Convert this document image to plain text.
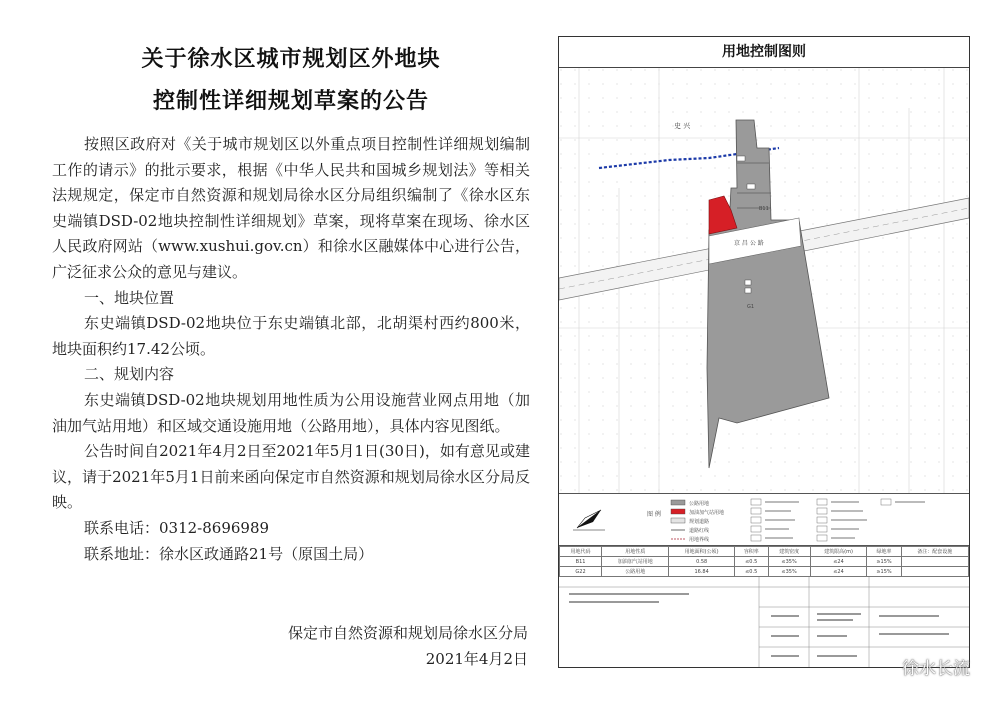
关于徐水区城市规划区外地块
控制性详细规划草案的公告

按照区政府对《关于城市规划区以外重点项目控制性详细规划编制工作的请示》的批示要求，根据《中华人民共和国城乡规划法》等相关法规规定，保定市自然资源和规划局徐水区分局组织编制了《徐水区东史端镇DSD-02地块控制性详细规划》草案，现将草案在现场、徐水区人民政府网站（www.xushui.gov.cn）和徐水区融媒体中心进行公告，广泛征求公众的意见与建议。

一、地块位置

东史端镇DSD-02地块位于东史端镇北部，北胡渠村西约800米，地块面积约17.42公顷。

二、规划内容

东史端镇DSD-02地块规划用地性质为公用设施营业网点用地（加油加气站用地）和区域交通设施用地（公路用地），具体内容见图纸。

公告时间自2021年4月2日至2021年5月1日(30日)，如有意见或建议，请于2021年5月1日前来函向保定市自然资源和规划局徐水区分局反映。

联系电话：0312-8696989

联系地址：徐水区政通路21号（原国土局）

保定市自然资源和规划局徐水区分局
2021年4月2日
用地控制图则
史 兴
京 昌 公 路
G1
B11
图 例
公路用地
加油加气站用地
规划道路
道路红线
用地界线
用地代码	用地性质	用地面积(公顷)	容积率	建筑密度	建筑限高(m)	绿地率	备注：配套设施
B11	加油加气站用地	0.58	≤0.5	≤35%	≤24	≥15%	
G22	公路用地	16.84	≤0.5	≤35%	≤24	≥15%	
徐水长流
